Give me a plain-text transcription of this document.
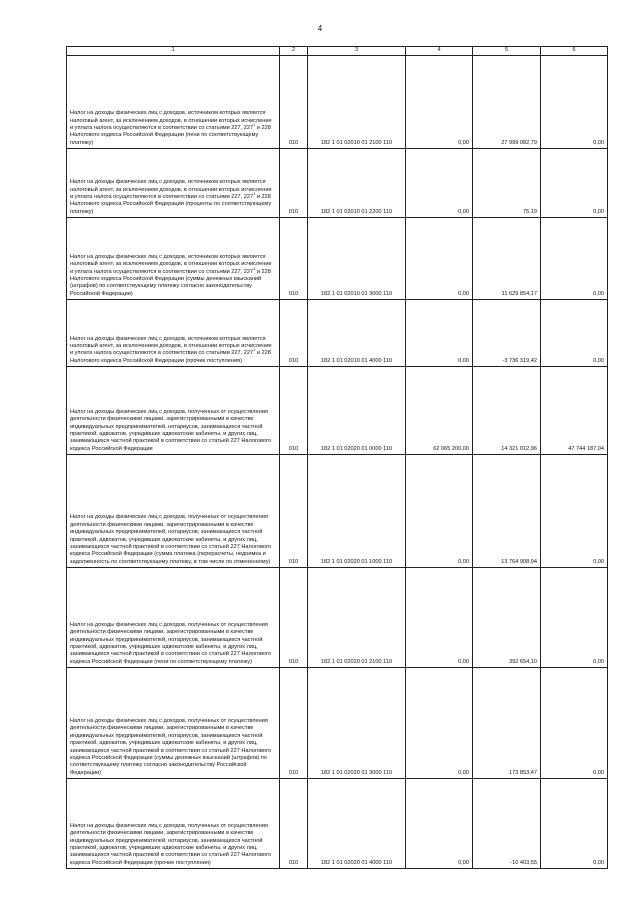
4
1	2	3	4	5	6
Налог на доходы физических лиц с доходов, источником которых является налоговый агент, за исключением доходов, в отношении которых исчисление и уплата налога осуществляются в соответствии со статьями 227, $227^1$ и 228 Налогового кодекса Российской Федерации (пени по соответствующему платежу)	010	182 1 01 02010 01 2100 110	0,00	27 999 082,79	0,00
Налог на доходы физических лиц с доходов, источником которых является налоговый агент, за исключением доходов, в отношении которых исчисление и уплата налога осуществляются в соответствии со статьями 227, $227^1$ и 228 Налогового кодекса Российской Федерации (проценты по соответствующему платежу)	010	182 1 01 02010 01 2200 110	0,00	75,19	0,00
Налог на доходы физических лиц с доходов, источником которых является налоговый агент, за исключением доходов, в отношении которых исчисление и уплата налога осуществляются в соответствии со статьями 227, $227^1$ и 228 Налогового кодекса Российской Федерации (суммы денежных взысканий (штрафов) по соответствующему платежу согласно законодательству Российской Федерации)	010	182 1 01 02010 01 3000 110	0,00	11 629 854,17	0,00
Налог на доходы физических лиц с доходов, источником которых является налоговый агент, за исключением доходов, в отношении которых исчисление и уплата налога осуществляются в соответствии со статьями 227, $227^1$ и 228 Налогового кодекса Российской Федерации (прочие поступления)	010	182 1 01 02010 01 4000 110	0,00	-3 736 319,42	0,00
Налог на доходы физических лиц с доходов, полученных от осуществления деятельности физическими лицами, зарегистрированными в качестве индивидуальных предпринимателей, нотариусов, занимающихся частной практикой, адвокатов, учредивших адвокатские кабинеты, и других лиц, занимающихся частной практикой в соответствии со статьей 227 Налогового кодекса Российской Федерации	010	182 1 01 02020 01 0000 110	62 065 200,00	14 321 012,96	47 744 187,04
Налог на доходы физических лиц с доходов, полученных от осуществления деятельности физическими лицами, зарегистрированными в качестве индивидуальных предпринимателей, нотариусов, занимающихся частной практикой, адвокатов, учредивших адвокатские кабинеты, и других лиц, занимающихся частной практикой в соответствии со статьей 227 Налогового кодекса Российской Федерации (сумма платежа (перерасчеты, недоимка и задолженность по соответствующему платежу, в том числе по отмененному)	010	182 1 01 02020 01 1000 110	0,00	13 764 908,94	0,00
Налог на доходы физических лиц с доходов, полученных от осуществления деятельности физическими лицами, зарегистрированными в качестве индивидуальных предпринимателей, нотариусов, занимающихся частной практикой, адвокатов, учредивших адвокатские кабинеты, и других лиц, занимающихся частной практикой в соответствии со статьей 227 Налогового кодекса Российской Федерации (пени по соответствующему платежу)	010	182 1 01 02020 01 2100 110	0,00	392 654,10	0,00
Налог на доходы физических лиц с доходов, полученных от осуществления деятельности физическими лицами, зарегистрированными в качестве индивидуальных предпринимателей, нотариусов, занимающихся частной практикой, адвокатов, учредивших адвокатские кабинеты, и других лиц, занимающихся частной практикой в соответствии со статьей 227 Налогового кодекса Российской Федерации (суммы денежных взысканий (штрафов) по соответствующему платежу согласно законодательству Российской Федерации)	010	182 1 01 02020 01 3000 110	0,00	173 853,47	0,00
Налог на доходы физических лиц с доходов, полученных от осуществления деятельности физическими лицами, зарегистрированными в качестве индивидуальных предпринимателей, нотариусов, занимающихся частной практикой, адвокатов, учредивших адвокатские кабинеты, и других лиц, занимающихся частной практикой в соответствии со статьей 227 Налогового кодекса Российской Федерации (прочие поступления)	010	182 1 01 02020 01 4000 110	0,00	-10 403,55	0,00
